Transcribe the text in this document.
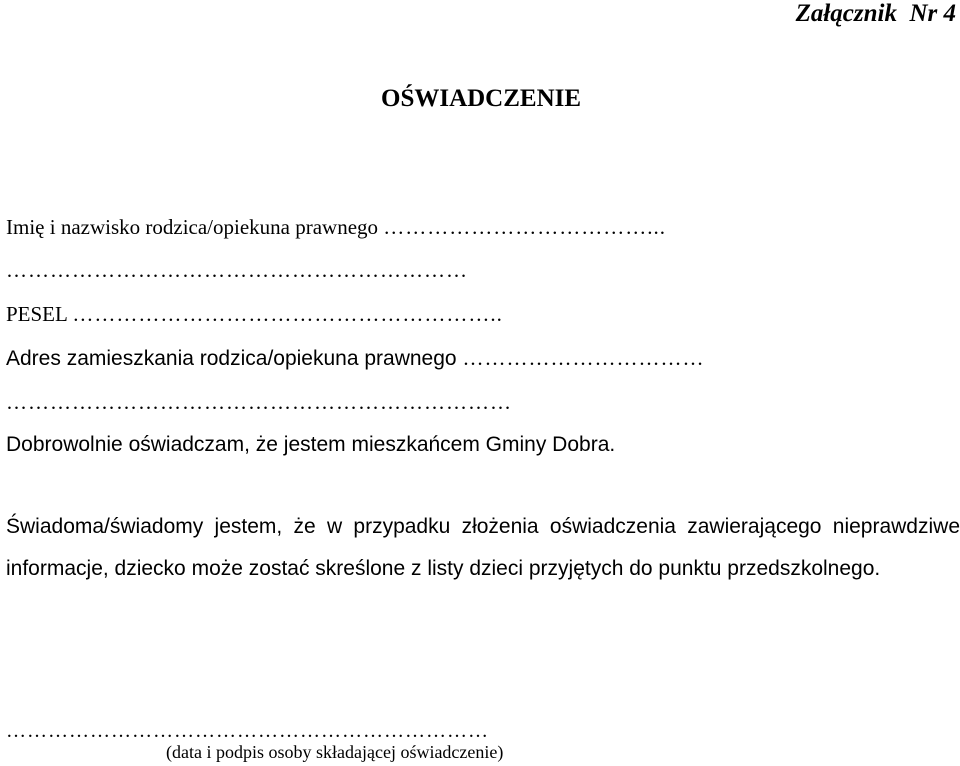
Załącznik  Nr 4
OŚWIADCZENIE
Imię i nazwisko rodzica/opiekuna prawnego ………………………………...
………………………………………………………
PESEL …………………………………………………..
Adres zamieszkania rodzica/opiekuna prawnego ……………………………
……………………………………………………………
Dobrowolnie oświadczam, że jestem mieszkańcem Gminy Dobra.
Świadoma/świadomy jestem, że w przypadku złożenia oświadczenia zawierającego nieprawdziwe informacje, dziecko może zostać skreślone z listy dzieci przyjętych do punktu przedszkolnego.
……………………………………………………………
(data i podpis osoby składającej oświadczenie)
